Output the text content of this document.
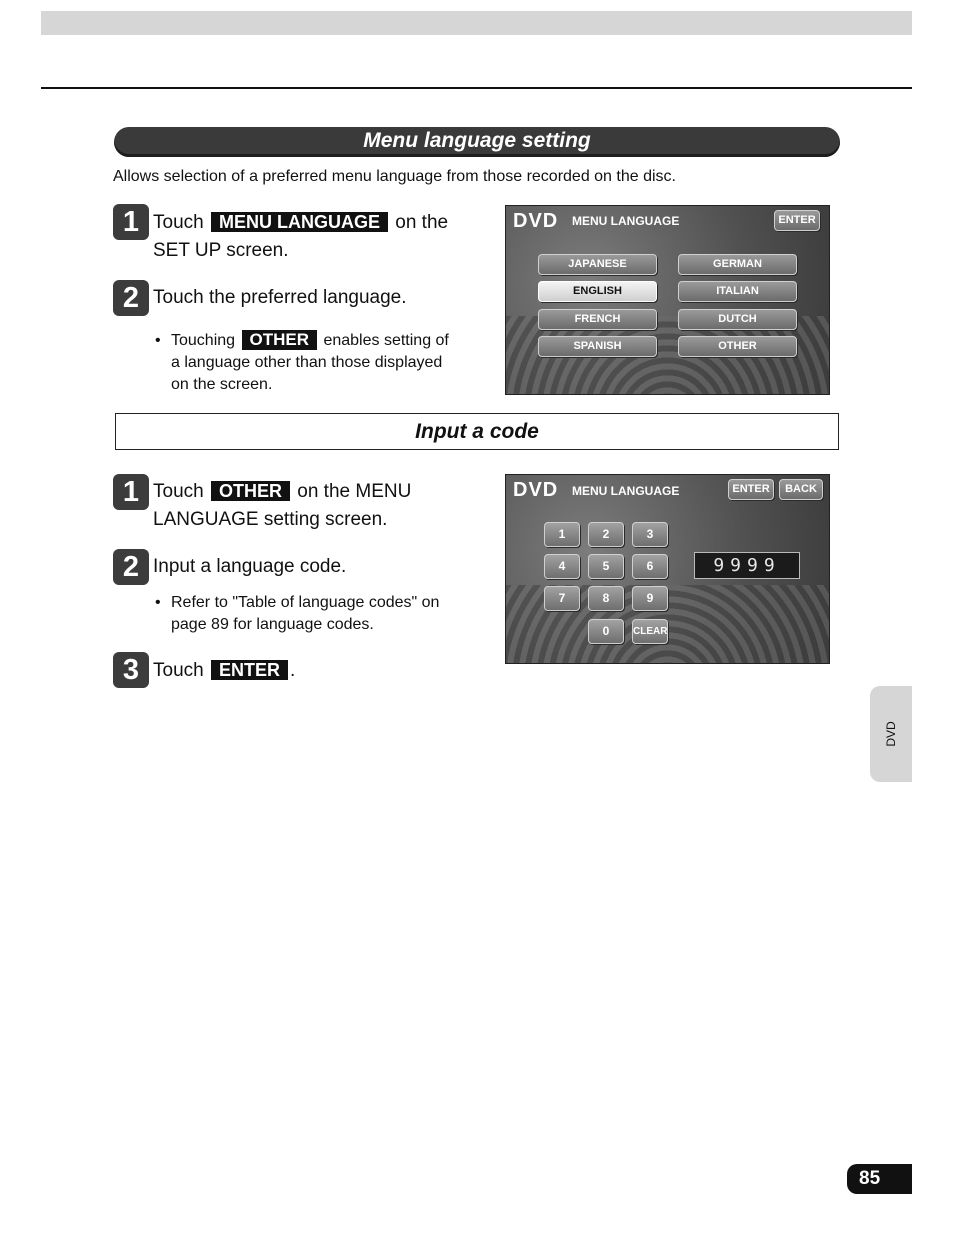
Menu language setting
Allows selection of a preferred menu language from those recorded on the disc.
1 Touch MENU LANGUAGE on the
SET UP screen.
2 Touch the preferred language.
• Touching OTHER enables setting of
a language other than those displayed
on the screen.
DVD MENU LANGUAGE	ENTER
JAPANESE	GERMAN
ENGLISH	ITALIAN
FRENCH	DUTCH
SPANISH	OTHER
Input a code
1 Touch OTHER on the MENU
LANGUAGE setting screen.
2 Input a language code.
• Refer to "Table of language codes" on
page 89 for language codes.
3 Touch ENTER .
DVD MENU LANGUAGE	ENTER	BACK
1	2	3
4	5	6
7	8	9
0	CLEAR
9999
DVD
85
